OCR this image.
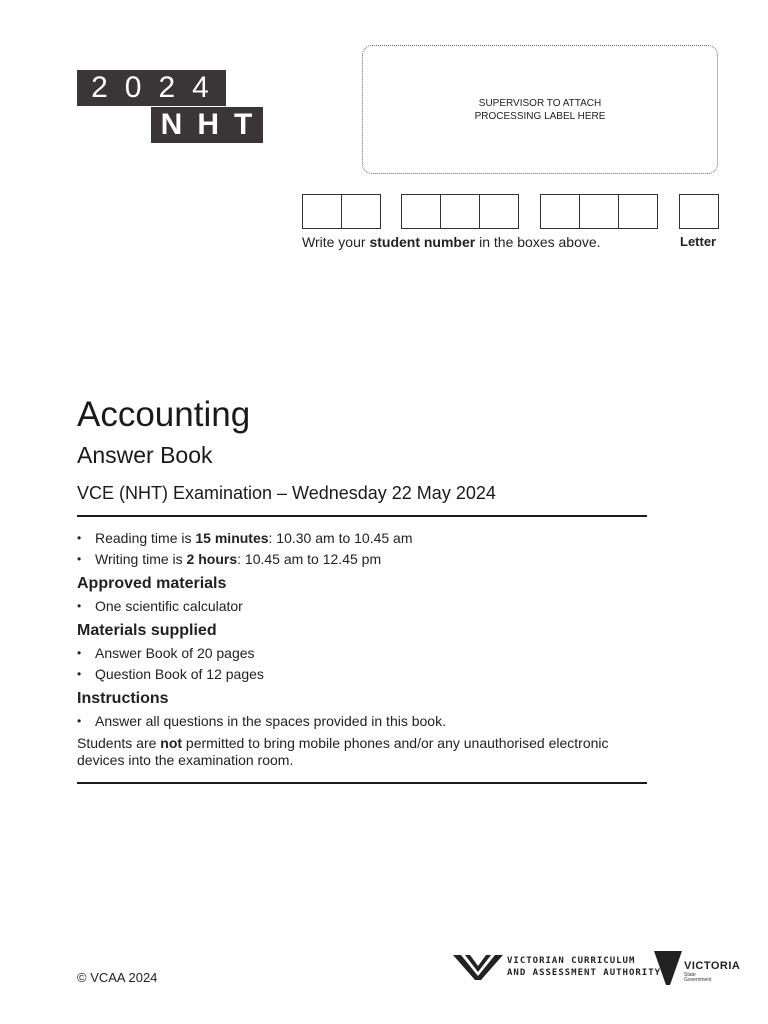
2024
NHT
SUPERVISOR TO ATTACH
PROCESSING LABEL HERE
Write your student number in the boxes above.	Letter
Accounting
Answer Book
VCE (NHT) Examination – Wednesday 22 May 2024
• Reading time is 15 minutes: 10.30 am to 10.45 am
• Writing time is 2 hours: 10.45 am to 12.45 pm
Approved materials
• One scientific calculator
Materials supplied
• Answer Book of 20 pages
• Question Book of 12 pages
Instructions
• Answer all questions in the spaces provided in this book.
Students are not permitted to bring mobile phones and/or any unauthorised electronic devices into the examination room.
© VCAA 2024
VICTORIAN CURRICULUM
AND ASSESSMENT AUTHORITY
VICTORIA
State
Government
